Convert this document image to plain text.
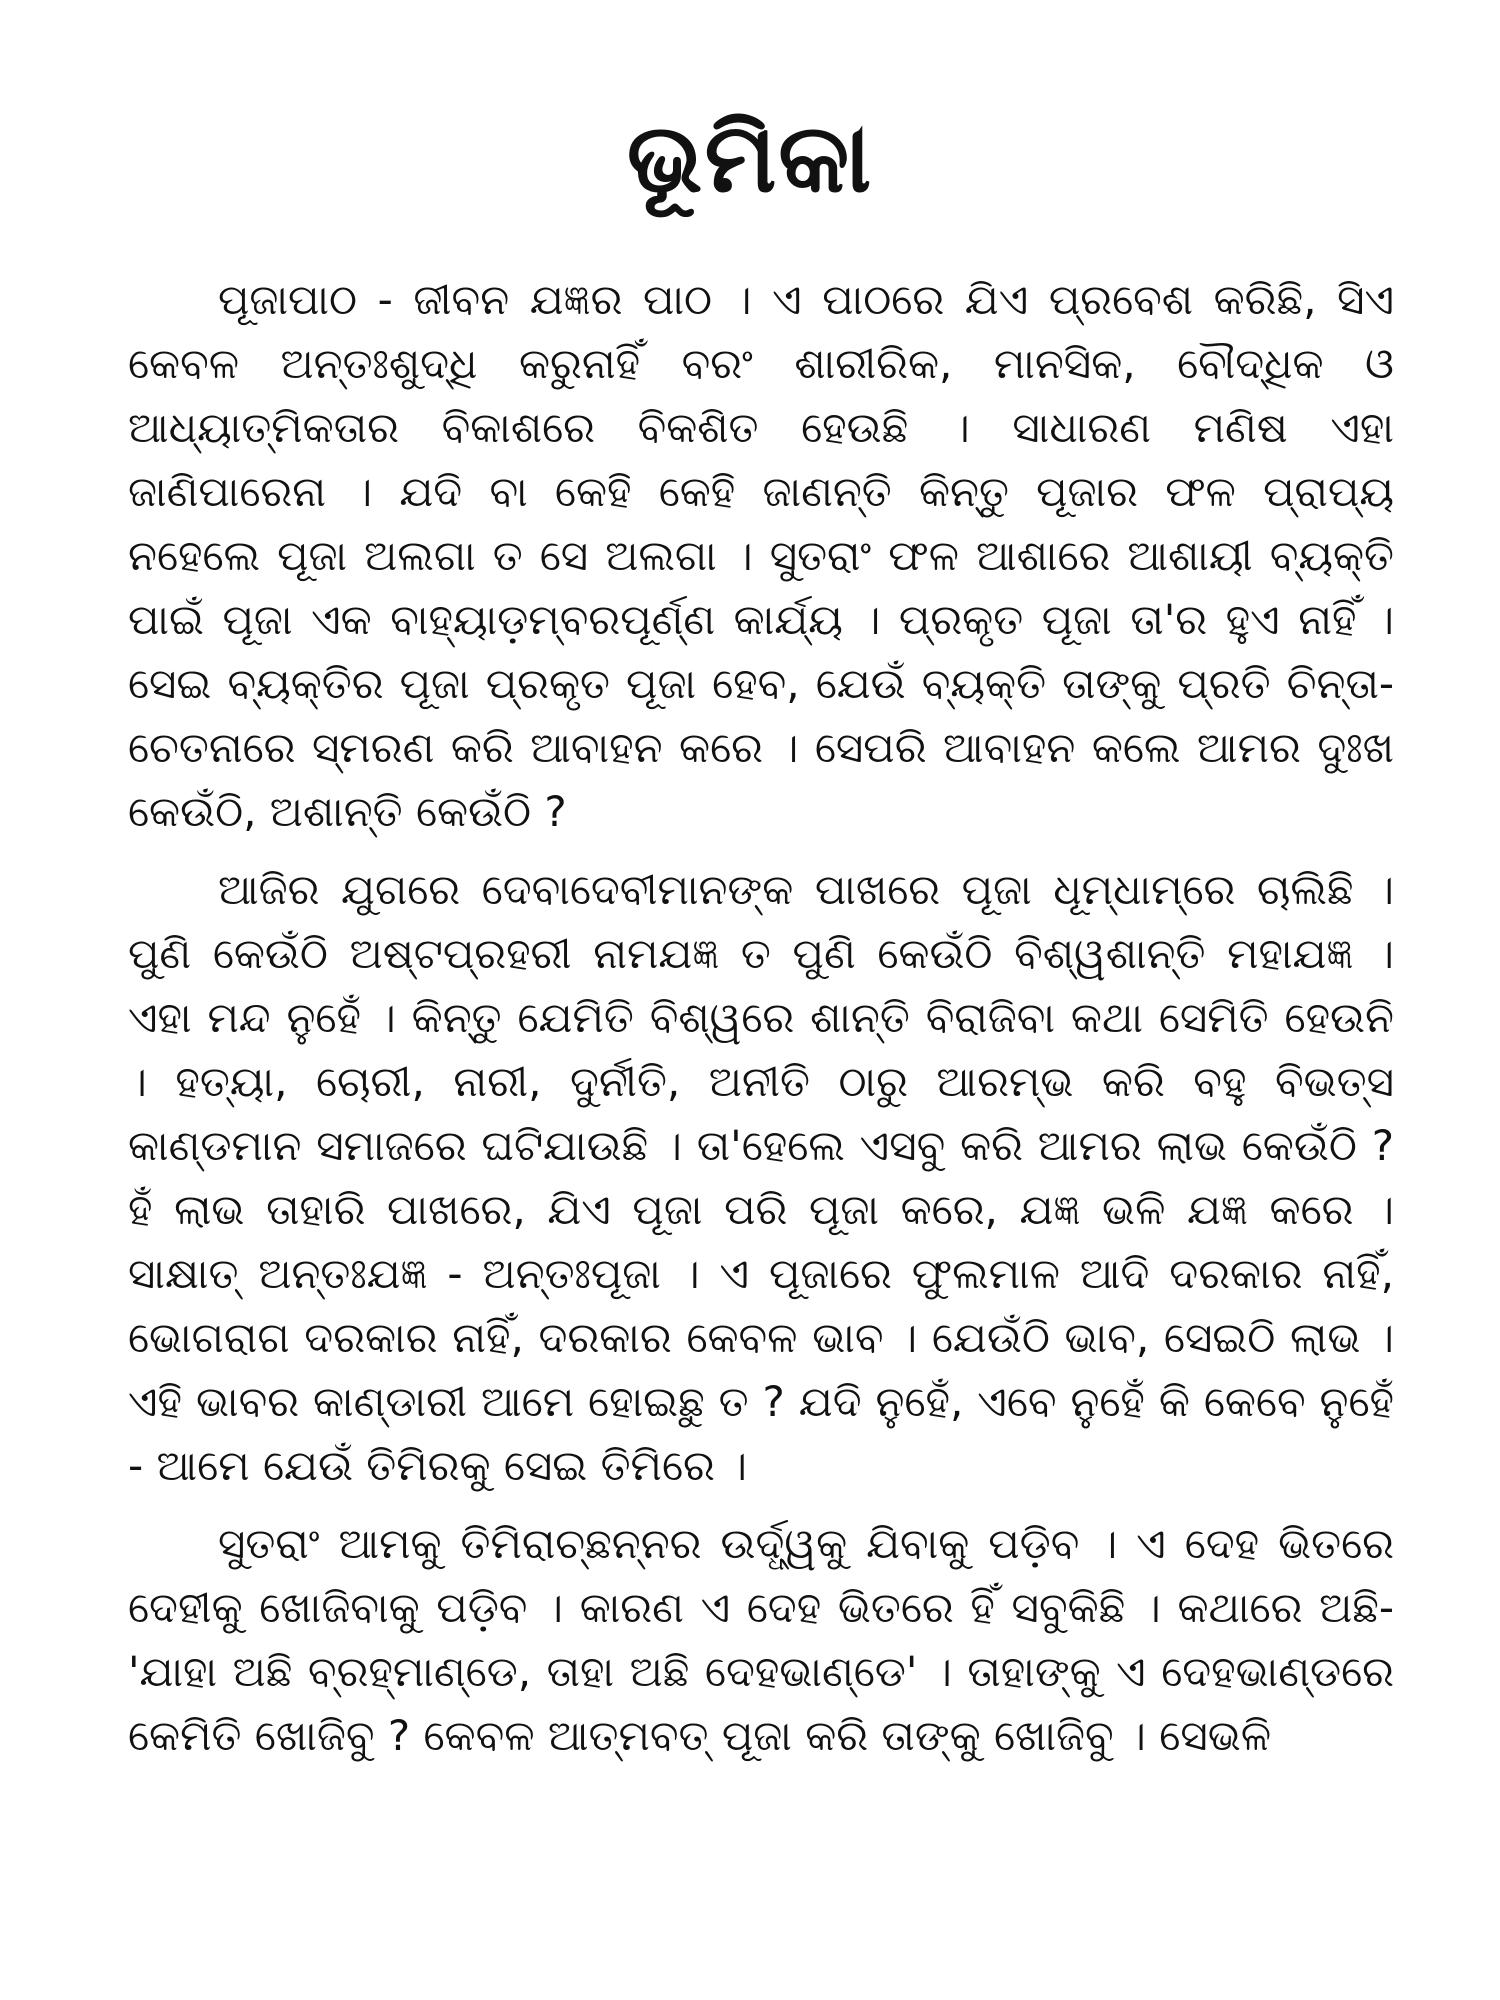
ଭୂମିକା

ପୂଜାପାଠ - ଜୀବନ ଯଜ୍ଞର ପାଠ । ଏ ପାଠରେ ଯିଏ ପ୍ରବେଶ କରିଛି, ସିଏ କେବଳ ଅନ୍ତଃଶୁଦ୍ଧି କରୁନାହିଁ ବରଂ ଶାରୀରିକ, ମାନସିକ, ବୌଦ୍ଧିକ ଓ ଆଧ୍ୟାତ୍ମିକତାର ବିକାଶରେ ବିକଶିତ ହେଉଛି । ସାଧାରଣ ମଣିଷ ଏହା ଜାଣିପାରେନା । ଯଦି ବା କେହି କେହି ଜାଣନ୍ତି କିନ୍ତୁ ପୂଜାର ଫଳ ପ୍ରାପ୍ୟ ନହେଲେ ପୂଜା ଅଲଗା ତ ସେ ଅଲଗା । ସୁତରାଂ ଫଳ ଆଶାରେ ଆଶାୟୀ ବ୍ୟକ୍ତି ପାଇଁ ପୂଜା ଏକ ବାହ୍ୟାଡ଼ମ୍ବରପୂର୍ଣ୍ଣ କାର୍ଯ୍ୟ । ପ୍ରକୃତ ପୂଜା ତା'ର ହୁଏ ନାହିଁ । ସେଇ ବ୍ୟକ୍ତିର ପୂଜା ପ୍ରକୃତ ପୂଜା ହେବ, ଯେଉଁ ବ୍ୟକ୍ତି ତାଙ୍କୁ ପ୍ରତି ଚିନ୍ତା-ଚେତନାରେ ସ୍ମରଣ କରି ଆବାହନ କରେ । ସେପରି ଆବାହନ କଲେ ଆମର ଦୁଃଖ କେଉଁଠି, ଅଶାନ୍ତି କେଉଁଠି ?

ଆଜିର ଯୁଗରେ ଦେବାଦେବୀମାନଙ୍କ ପାଖରେ ପୂଜା ଧୂମ୍‌ଧାମ୍‌ରେ ଚାଲିଛି । ପୁଣି କେଉଁଠି ଅଷ୍ଟପ୍ରହରୀ ନାମଯଜ୍ଞ ତ ପୁଣି କେଉଁଠି ବିଶ୍ୱଶାନ୍ତି ମହାଯଜ୍ଞ । ଏହା ମନ୍ଦ ନୁହେଁ । କିନ୍ତୁ ଯେମିତି ବିଶ୍ୱରେ ଶାନ୍ତି ବିରାଜିବା କଥା ସେମିତି ହେଉନି । ହତ୍ୟା, ଚୋରୀ, ନାରୀ, ଦୁର୍ନୀତି, ଅନୀତି ଠାରୁ ଆରମ୍ଭ କରି ବହୁ ବିଭତ୍ସ କାଣ୍ଡମାନ ସମାଜରେ ଘଟିଯାଉଛି । ତା'ହେଲେ ଏସବୁ କରି ଆମର ଲାଭ କେଉଁଠି ? ହଁ ଲାଭ ତାହାରି ପାଖରେ, ଯିଏ ପୂଜା ପରି ପୂଜା କରେ, ଯଜ୍ଞ ଭଳି ଯଜ୍ଞ କରେ । ସାକ୍ଷାତ୍ ଅନ୍ତଃଯଜ୍ଞ - ଅନ୍ତଃପୂଜା । ଏ ପୂଜାରେ ଫୁଲମାଳ ଆଦି ଦରକାର ନାହିଁ, ଭୋଗରାଗ ଦରକାର ନାହିଁ, ଦରକାର କେବଳ ଭାବ । ଯେଉଁଠି ଭାବ, ସେଇଠି ଲାଭ । ଏହି ଭାବର କାଣ୍ଡାରୀ ଆମେ ହୋଇଛୁ ତ ? ଯଦି ନୁହେଁ, ଏବେ ନୁହେଁ କି କେବେ ନୁହେଁ - ଆମେ ଯେଉଁ ତିମିରକୁ ସେଇ ତିମିରେ ।

ସୁତରାଂ ଆମକୁ ତିମିରାଚ୍ଛନ୍ନର ଉର୍ଦ୍ଧ୍ୱକୁ ଯିବାକୁ ପଡ଼ିବ । ଏ ଦେହ ଭିତରେ ଦେହୀକୁ ଖୋଜିବାକୁ ପଡ଼ିବ । କାରଣ ଏ ଦେହ ଭିତରେ ହିଁ ସବୁକିଛି । କଥାରେ ଅଛି- 'ଯାହା ଅଛି ବ୍ରହ୍ମାଣ୍ଡେ, ତାହା ଅଛି ଦେହଭାଣ୍ଡେ' । ତାହାଙ୍କୁ ଏ ଦେହଭାଣ୍ଡରେ କେମିତି ଖୋଜିବୁ ? କେବଳ ଆତ୍ମବତ୍ ପୂଜା କରି ତାଙ୍କୁ ଖୋଜିବୁ । ସେଭଳି
